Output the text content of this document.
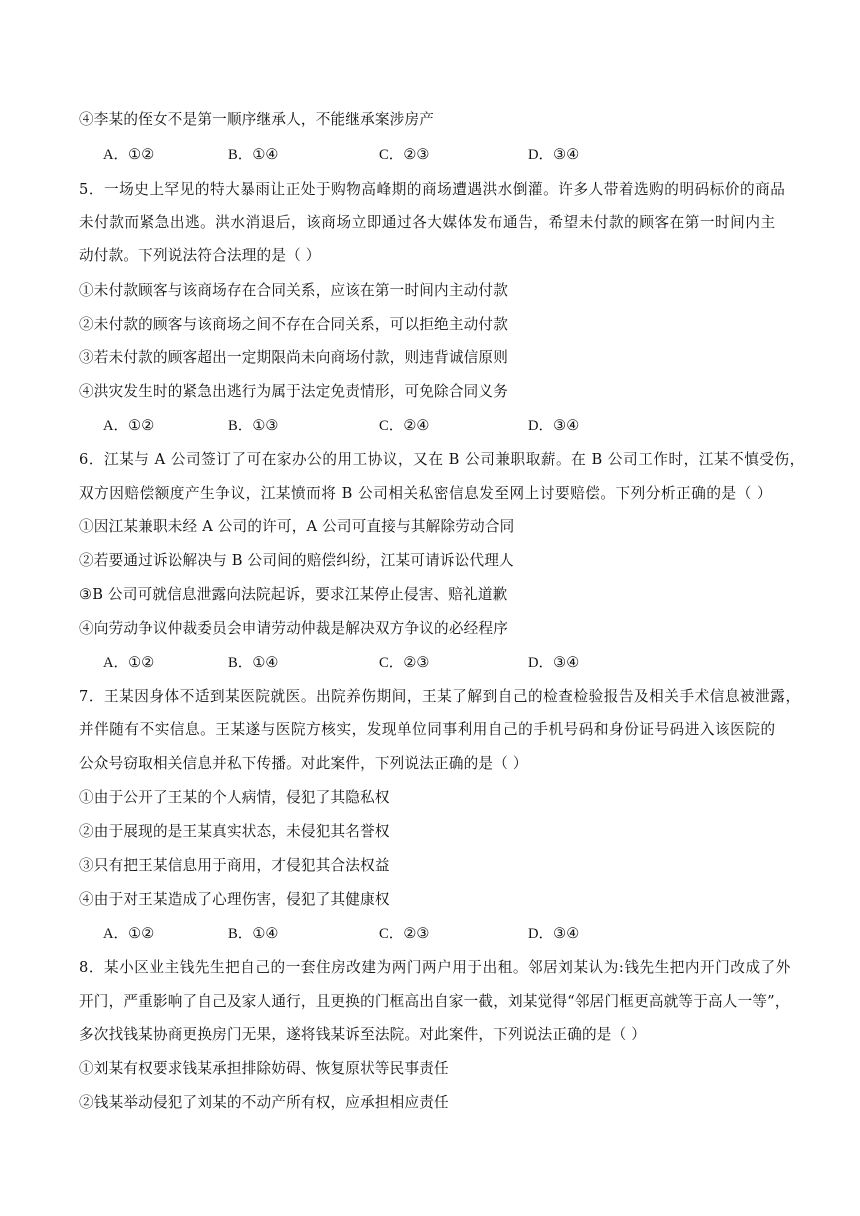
④李某的侄女不是第一顺序继承人，不能继承案涉房产
A．①②	B．①④	C．②③	D．③④
5．一场史上罕见的特大暴雨让正处于购物高峰期的商场遭遇洪水倒灌。许多人带着选购的明码标价的商品
未付款而紧急出逃。洪水消退后，该商场立即通过各大媒体发布通告，希望未付款的顾客在第一时间内主
动付款。下列说法符合法理的是（ ）
①未付款顾客与该商场存在合同关系，应该在第一时间内主动付款
②未付款的顾客与该商场之间不存在合同关系，可以拒绝主动付款
③若未付款的顾客超出一定期限尚未向商场付款，则违背诚信原则
④洪灾发生时的紧急出逃行为属于法定免责情形，可免除合同义务
A．①②	B．①③	C．②④	D．③④
6．江某与 A 公司签订了可在家办公的用工协议，又在 B 公司兼职取薪。在 B 公司工作时，江某不慎受伤，
双方因赔偿额度产生争议，江某愤而将 B 公司相关私密信息发至网上讨要赔偿。下列分析正确的是（ ）
①因江某兼职未经 A 公司的许可，A 公司可直接与其解除劳动合同
②若要通过诉讼解决与 B 公司间的赔偿纠纷，江某可请诉讼代理人
③B 公司可就信息泄露向法院起诉，要求江某停止侵害、赔礼道歉
④向劳动争议仲裁委员会申请劳动仲裁是解决双方争议的必经程序
A．①②	B．①④	C．②③	D．③④
7．王某因身体不适到某医院就医。出院养伤期间，王某了解到自己的检查检验报告及相关手术信息被泄露，
并伴随有不实信息。王某遂与医院方核实，发现单位同事利用自己的手机号码和身份证号码进入该医院的
公众号窃取相关信息并私下传播。对此案件，下列说法正确的是（ ）
①由于公开了王某的个人病情，侵犯了其隐私权
②由于展现的是王某真实状态，未侵犯其名誉权
③只有把王某信息用于商用，才侵犯其合法权益
④由于对王某造成了心理伤害，侵犯了其健康权
A．①②	B．①④	C．②③	D．③④
8．某小区业主钱先生把自己的一套住房改建为两门两户用于出租。邻居刘某认为:钱先生把内开门改成了外
开门，严重影响了自己及家人通行，且更换的门框高出自家一截，刘某觉得“邻居门框更高就等于高人一等”，
多次找钱某协商更换房门无果，遂将钱某诉至法院。对此案件，下列说法正确的是（ ）
①刘某有权要求钱某承担排除妨碍、恢复原状等民事责任
②钱某举动侵犯了刘某的不动产所有权，应承担相应责任
